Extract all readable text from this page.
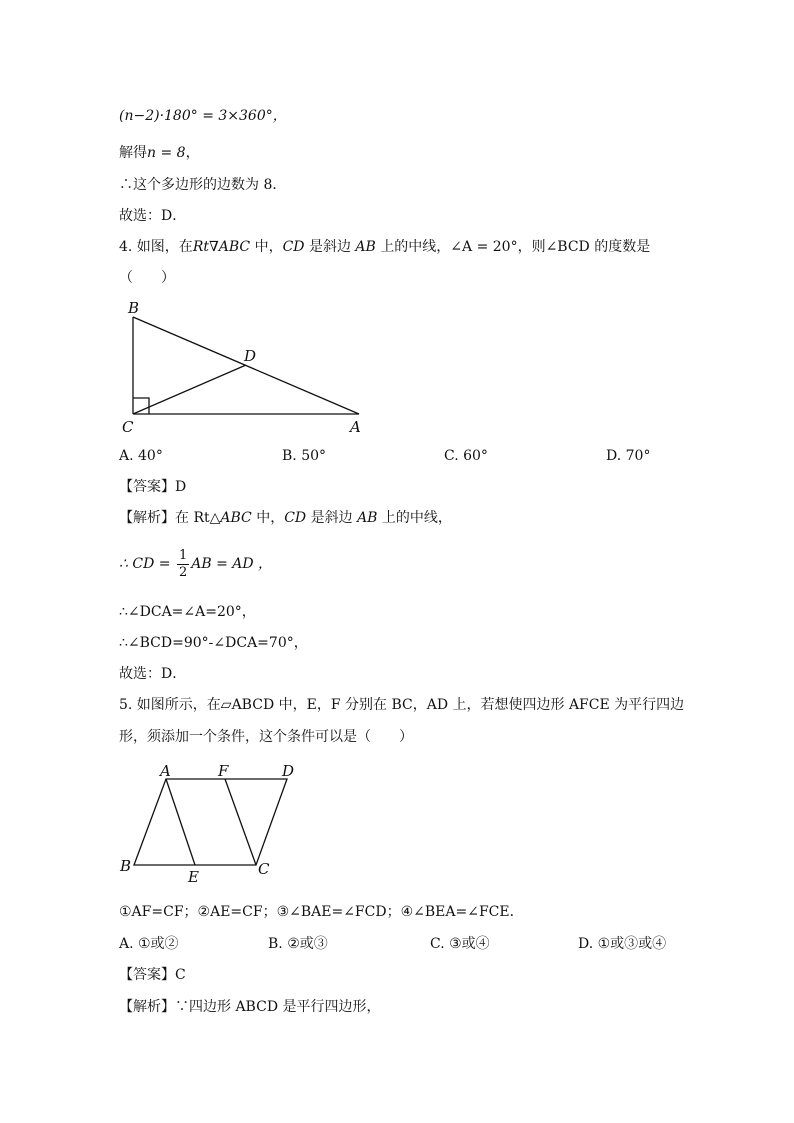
(n−2)·180° = 3×360°，
解得n = 8，
∴这个多边形的边数为 8．
故选：D．
4. 如图，在Rt∇ABC 中，CD 是斜边 AB 上的中线，∠A = 20°，则∠BCD 的度数是
（　　）
B
D
C	A
A. 40°	B. 50°	C. 60°	D. 70°
【答案】D
【解析】在 Rt△ABC 中，CD 是斜边 AB 上的中线，
∴ CD = $\frac{1}{2}$ AB = AD ，
∴∠DCA=∠A=20°，
∴∠BCD=90°-∠DCA=70°，
故选：D．
5. 如图所示，在▱ABCD 中，E，F 分别在 BC，AD 上，若想使四边形 AFCE 为平行四边
形，须添加一个条件，这个条件可以是（　　）
A	F	D
B
E	C
①AF=CF；②AE=CF；③∠BAE=∠FCD；④∠BEA=∠FCE．
A. ①或②	B. ②或③	C. ③或④	D. ①或③或④
【答案】C
【解析】∵四边形 ABCD 是平行四边形，
